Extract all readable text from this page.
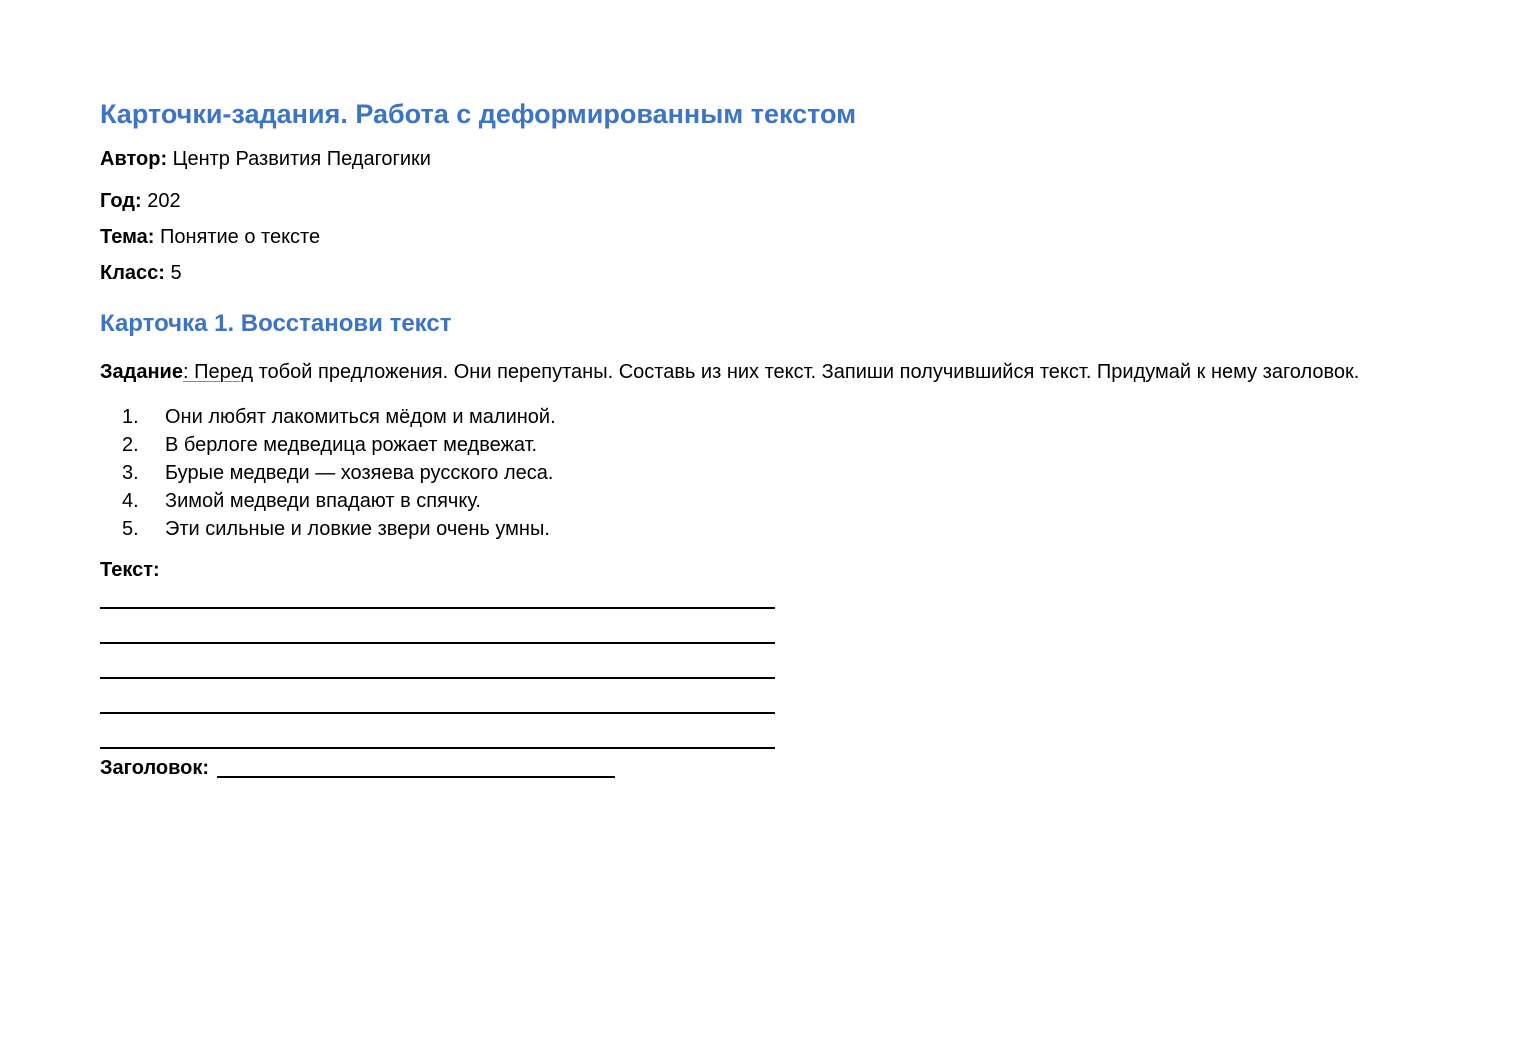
Карточки-задания. Работа с деформированным текстом

Автор: Центр Развития Педагогики

Год: 202

Тема: Понятие о тексте

Класс: 5

Карточка 1. Восстанови текст
Задание: Перед тобой предложения. Они перепутаны. Составь из них текст. Запиши получившийся текст. Придумай к нему заголовок.
1.	Они любят лакомиться мёдом и малиной.
2.	В берлоге медведица рожает медвежат.
3.	Бурые медведи — хозяева русского леса.
4.	Зимой медведи впадают в спячку.
5.	Эти сильные и ловкие звери очень умны.
Текст:
Заголовок:
